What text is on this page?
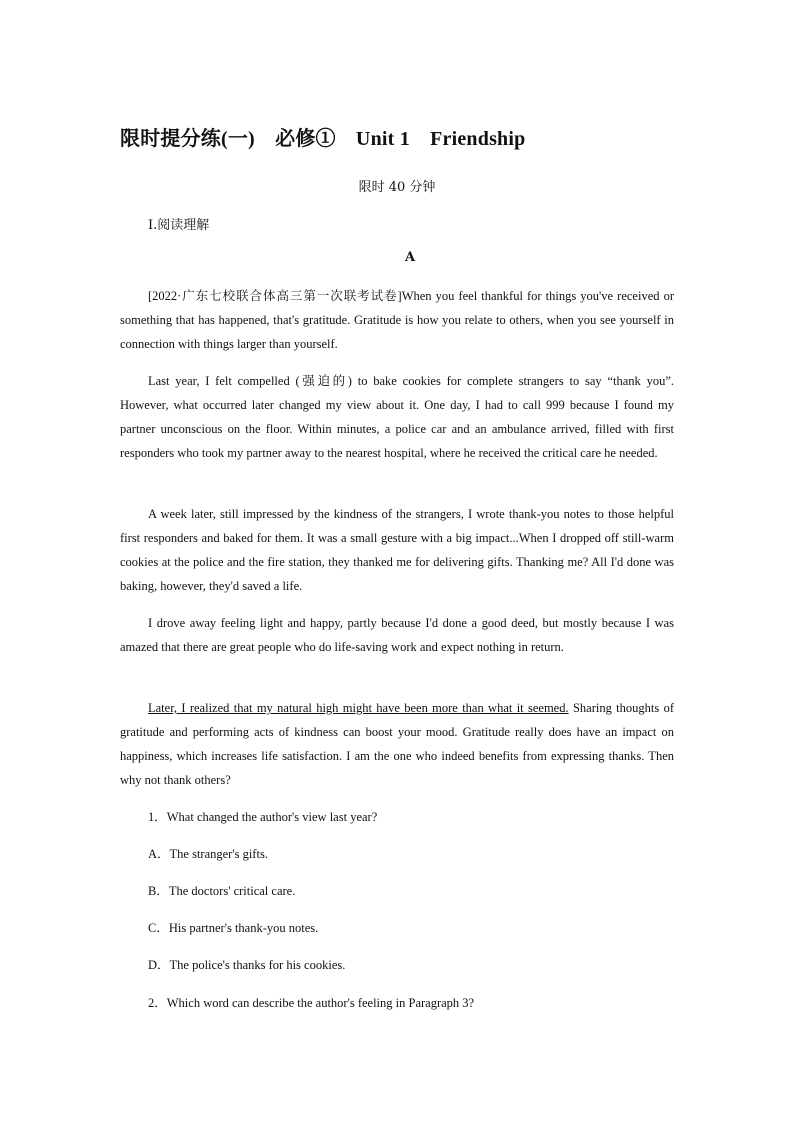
限时提分练(一)　必修①　Unit 1　Friendship
限时 40 分钟
Ⅰ.阅读理解
A

[2022·广东七校联合体高三第一次联考试卷]When you feel thankful for things you've received or something that has happened, that's gratitude. Gratitude is how you relate to others, when you see yourself in connection with things larger than yourself.

Last year, I felt compelled (强迫的) to bake cookies for complete strangers to say “thank you”.　However, what occurred later changed my view about it. One day, I had to call 999 because I found my partner unconscious on the floor. Within minutes, a police car and an ambulance arrived, filled with first responders who took my partner away to the nearest hospital, where he received the critical care he needed.

A week later, still impressed by the kindness of the strangers, I wrote thank-you notes to those helpful first responders and baked for them. It was a small gesture with a big impact...When I dropped off still-warm cookies at the police and the fire station, they thanked me for delivering gifts. Thanking me? All I'd done was baking, however, they'd saved a life.

I drove away feeling light and happy, partly because I'd done a good deed, but mostly because I was amazed that there are great people who do life-saving work and expect nothing in return.

Later, I realized that my natural high might have been more than what it seemed. Sharing thoughts of gratitude and performing acts of kindness can boost your mood. Gratitude really does have an impact on happiness, which increases life satisfaction. I am the one who indeed benefits from expressing thanks. Then why not thank others?

1．What changed the author's view last year?
A．The stranger's gifts.
B．The doctors' critical care.
C．His partner's thank-you notes.
D．The police's thanks for his cookies.
2．Which word can describe the author's feeling in Paragraph 3?
